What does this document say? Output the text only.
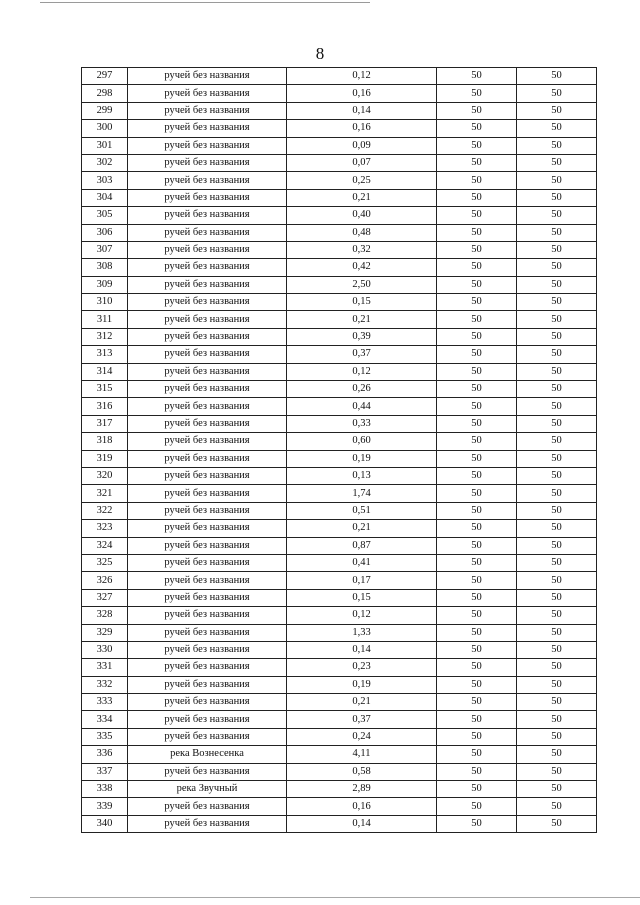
8
297	ручей без названия	0,12	50	50
298	ручей без названия	0,16	50	50
299	ручей без названия	0,14	50	50
300	ручей без названия	0,16	50	50
301	ручей без названия	0,09	50	50
302	ручей без названия	0,07	50	50
303	ручей без названия	0,25	50	50
304	ручей без названия	0,21	50	50
305	ручей без названия	0,40	50	50
306	ручей без названия	0,48	50	50
307	ручей без названия	0,32	50	50
308	ручей без названия	0,42	50	50
309	ручей без названия	2,50	50	50
310	ручей без названия	0,15	50	50
311	ручей без названия	0,21	50	50
312	ручей без названия	0,39	50	50
313	ручей без названия	0,37	50	50
314	ручей без названия	0,12	50	50
315	ручей без названия	0,26	50	50
316	ручей без названия	0,44	50	50
317	ручей без названия	0,33	50	50
318	ручей без названия	0,60	50	50
319	ручей без названия	0,19	50	50
320	ручей без названия	0,13	50	50
321	ручей без названия	1,74	50	50
322	ручей без названия	0,51	50	50
323	ручей без названия	0,21	50	50
324	ручей без названия	0,87	50	50
325	ручей без названия	0,41	50	50
326	ручей без названия	0,17	50	50
327	ручей без названия	0,15	50	50
328	ручей без названия	0,12	50	50
329	ручей без названия	1,33	50	50
330	ручей без названия	0,14	50	50
331	ручей без названия	0,23	50	50
332	ручей без названия	0,19	50	50
333	ручей без названия	0,21	50	50
334	ручей без названия	0,37	50	50
335	ручей без названия	0,24	50	50
336	река Вознесенка	4,11	50	50
337	ручей без названия	0,58	50	50
338	река Звучный	2,89	50	50
339	ручей без названия	0,16	50	50
340	ручей без названия	0,14	50	50
